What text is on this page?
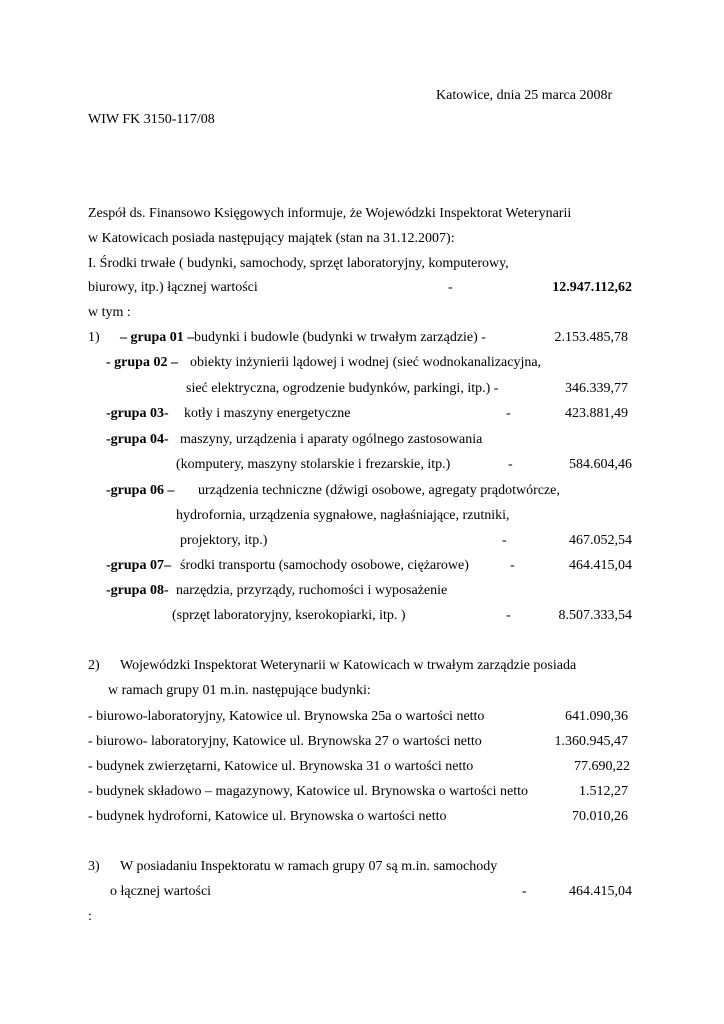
Katowice, dnia 25 marca 2008r
WIW FK 3150-117/08
Zespół ds. Finansowo Księgowych informuje, że Wojewódzki Inspektorat Weterynarii
w Katowicach posiada następujący majątek (stan na 31.12.2007):
I. Środki trwałe ( budynki, samochody, sprzęt laboratoryjny, komputerowy,
biurowy, itp.) łącznej wartości	-	12.947.112,62
w tym :
1) – grupa 01 – budynki i budowle (budynki w trwałym zarządzie) -	2.153.485,78
- grupa 02 – obiekty inżynierii lądowej i wodnej (sieć wodnokanalizacyjna,
sieć elektryczna, ogrodzenie budynków, parkingi, itp.) -	346.339,77
-grupa 03- kotły i maszyny energetyczne	-	423.881,49
-grupa 04- maszyny, urządzenia i aparaty ogólnego zastosowania
(komputery, maszyny stolarskie i frezarskie, itp.)	-	584.604,46
-grupa 06 – urządzenia techniczne (dźwigi osobowe, agregaty prądotwórcze,
hydrofornia, urządzenia sygnałowe, nagłaśniające, rzutniki,
projektory, itp.)	-	467.052,54
-grupa 07– środki transportu (samochody osobowe, ciężarowe)	-	464.415,04
-grupa 08- narzędzia, przyrządy, ruchomości i wyposażenie
(sprzęt laboratoryjny, kserokopiarki, itp. )	-	8.507.333,54
2) Wojewódzki Inspektorat Weterynarii w Katowicach w trwałym zarządzie posiada
w ramach grupy 01 m.in. następujące budynki:
- biurowo-laboratoryjny, Katowice ul. Brynowska 25a o wartości netto	641.090,36
- biurowo- laboratoryjny, Katowice ul. Brynowska 27 o wartości netto	1.360.945,47
- budynek zwierzętarni, Katowice ul. Brynowska 31 o wartości netto	77.690,22
- budynek składowo – magazynowy, Katowice ul. Brynowska o wartości netto	1.512,27
- budynek hydroforni, Katowice ul. Brynowska o wartości netto	70.010,26
3) W posiadaniu Inspektoratu w ramach grupy 07 są m.in. samochody
o łącznej wartości	-	464.415,04
:
